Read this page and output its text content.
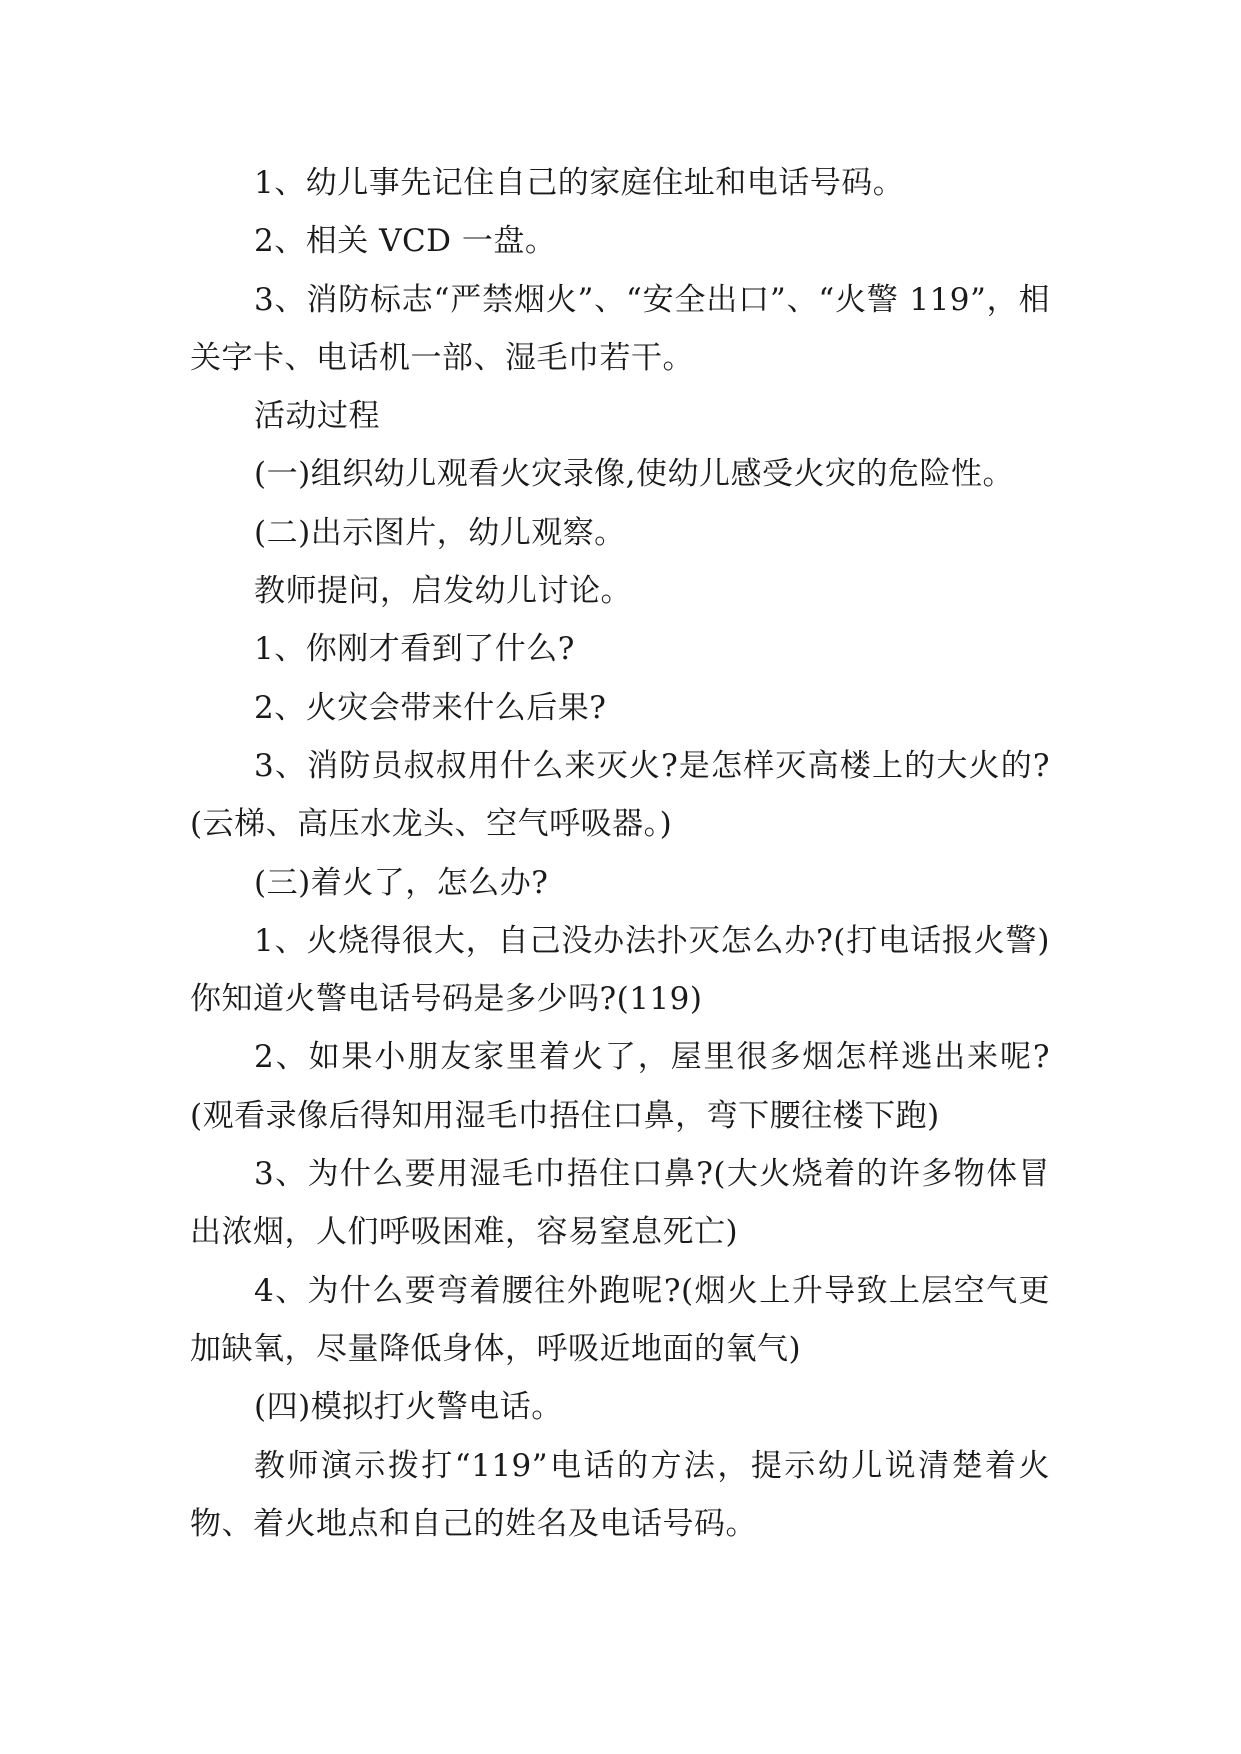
1、幼儿事先记住自己的家庭住址和电话号码。

2、相关 VCD 一盘。

3、消防标志“严禁烟火”、“安全出口”、“火警 119”，相关字卡、电话机一部、湿毛巾若干。

活动过程

(一)组织幼儿观看火灾录像,使幼儿感受火灾的危险性。

(二)出示图片，幼儿观察。

教师提问，启发幼儿讨论。

1、你刚才看到了什么?

2、火灾会带来什么后果?

3、消防员叔叔用什么来灭火?是怎样灭高楼上的大火的?(云梯、高压水龙头、空气呼吸器。)

(三)着火了，怎么办?

1、火烧得很大，自己没办法扑灭怎么办?(打电话报火警)你知道火警电话号码是多少吗?(119)

2、如果小朋友家里着火了，屋里很多烟怎样逃出来呢?(观看录像后得知用湿毛巾捂住口鼻，弯下腰往楼下跑)

3、为什么要用湿毛巾捂住口鼻?(大火烧着的许多物体冒出浓烟，人们呼吸困难，容易窒息死亡)

4、为什么要弯着腰往外跑呢?(烟火上升导致上层空气更加缺氧，尽量降低身体，呼吸近地面的氧气)

(四)模拟打火警电话。

教师演示拨打“119”电话的方法，提示幼儿说清楚着火物、着火地点和自己的姓名及电话号码。
